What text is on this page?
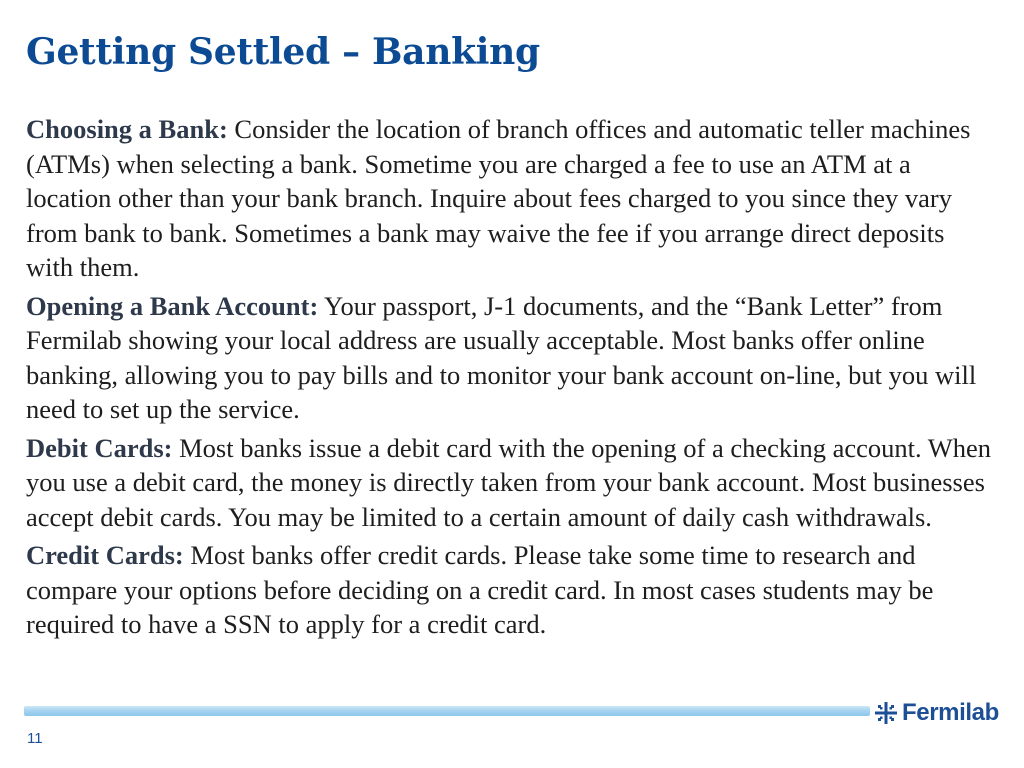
Getting Settled – Banking

Choosing a Bank: Consider the location of branch offices and automatic teller machines (ATMs) when selecting a bank. Sometime you are charged a fee to use an ATM at a location other than your bank branch. Inquire about fees charged to you since they vary from bank to bank. Sometimes a bank may waive the fee if you arrange direct deposits with them.

Opening a Bank Account: Your passport, J-1 documents, and the “Bank Letter” from Fermilab showing your local address are usually acceptable. Most banks offer online banking, allowing you to pay bills and to monitor your bank account on-line, but you will need to set up the service.

Debit Cards: Most banks issue a debit card with the opening of a checking account. When you use a debit card, the money is directly taken from your bank account. Most businesses accept debit cards. You may be limited to a certain amount of daily cash withdrawals.

Credit Cards: Most banks offer credit cards. Please take some time to research and compare your options before deciding on a credit card. In most cases students may be required to have a SSN to apply for a credit card.

Fermilab
11
